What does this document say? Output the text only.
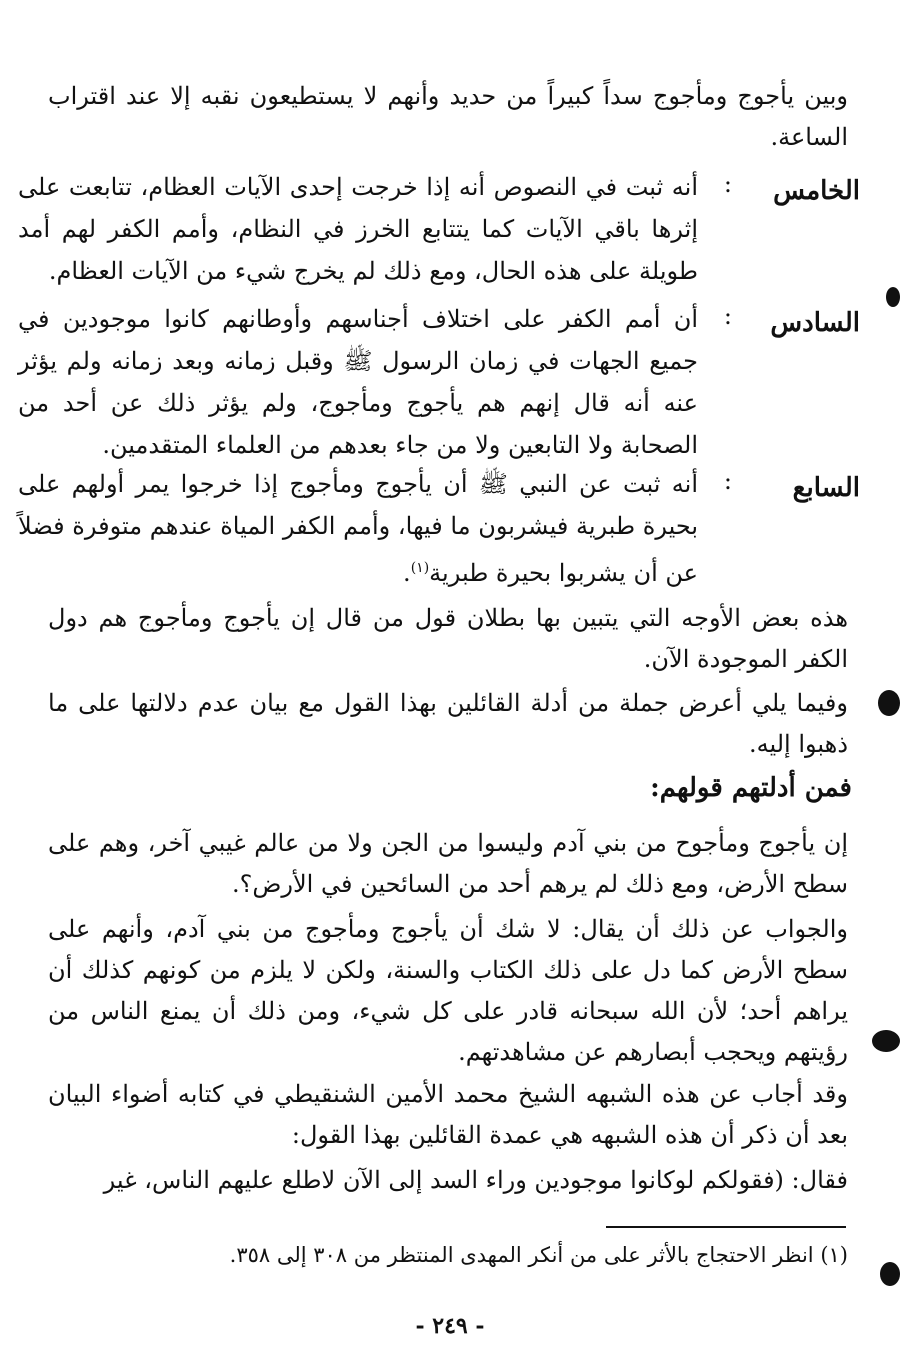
وبين يأجوج ومأجوج سداً كبيراً من حديد وأنهم لا يستطيعون نقبه إلا عند اقتراب الساعة.

الخامس
:

أنه ثبت في النصوص أنه إذا خرجت إحدى الآيات العظام، تتابعت على إثرها باقي الآيات كما يتتابع الخرز في النظام، وأمم الكفر لهم أمد طويلة على هذه الحال، ومع ذلك لم يخرج شيء من الآيات العظام.

السادس
:

أن أمم الكفر على اختلاف أجناسهم وأوطانهم كانوا موجودين في جميع الجهات في زمان الرسول ﷺ وقبل زمانه وبعد زمانه ولم يؤثر عنه أنه قال إنهم هم يأجوج ومأجوج، ولم يؤثر ذلك عن أحد من الصحابة ولا التابعين ولا من جاء بعدهم من العلماء المتقدمين.

السابع
:

أنه ثبت عن النبي ﷺ أن يأجوج ومأجوج إذا خرجوا يمر أولهم على بحيرة طبرية فيشربون ما فيها، وأمم الكفر المياة عندهم متوفرة فضلاً عن أن يشربوا بحيرة طبرية$^{(١)}$.

هذه بعض الأوجه التي يتبين بها بطلان قول من قال إن يأجوج ومأجوج هم دول الكفر الموجودة الآن.

وفيما يلي أعرض جملة من أدلة القائلين بهذا القول مع بيان عدم دلالتها على ما ذهبوا إليه.

فمن أدلتهم قولهم:

إن يأجوج ومأجوح من بني آدم وليسوا من الجن ولا من عالم غيبي آخر، وهم على سطح الأرض، ومع ذلك لم يرهم أحد من السائحين في الأرض؟.

والجواب عن ذلك أن يقال: لا شك أن يأجوج ومأجوج من بني آدم، وأنهم على سطح الأرض كما دل على ذلك الكتاب والسنة، ولكن لا يلزم من كونهم كذلك أن يراهم أحد؛ لأن الله سبحانه قادر على كل شيء، ومن ذلك أن يمنع الناس من رؤيتهم ويحجب أبصارهم عن مشاهدتهم.

وقد أجاب عن هذه الشبهه الشيخ محمد الأمين الشنقيطي في كتابه أضواء البيان بعد أن ذكر أن هذه الشبهه هي عمدة القائلين بهذا القول:

فقال: (فقولكم لوكانوا موجودين وراء السد إلى الآن لاطلع عليهم الناس، غير

(١) انظر الاحتجاج بالأثر على من أنكر المهدى المنتظر من ٣٠٨ إلى ٣٥٨.
- ٢٤٩ -
